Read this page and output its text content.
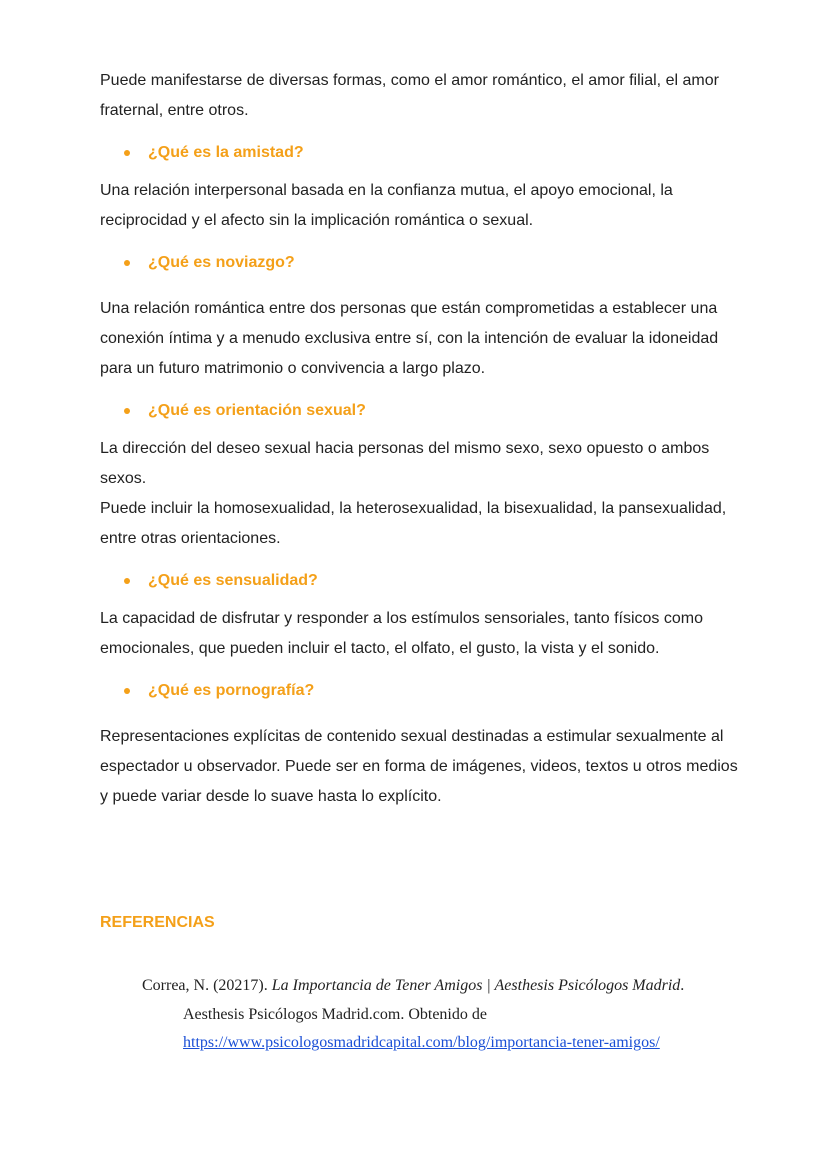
Puede manifestarse de diversas formas, como el amor romántico, el amor filial, el amor fraternal, entre otros.

¿Qué es la amistad?

Una relación interpersonal basada en la confianza mutua, el apoyo emocional, la reciprocidad y el afecto sin la implicación romántica o sexual.

¿Qué es noviazgo?

Una relación romántica entre dos personas que están comprometidas a establecer una conexión íntima y a menudo exclusiva entre sí, con la intención de evaluar la idoneidad para un futuro matrimonio o convivencia a largo plazo.

¿Qué es orientación sexual?

La dirección del deseo sexual hacia personas del mismo sexo, sexo opuesto o ambos sexos.

Puede incluir la homosexualidad, la heterosexualidad, la bisexualidad, la pansexualidad, entre otras orientaciones.

¿Qué es sensualidad?

La capacidad de disfrutar y responder a los estímulos sensoriales, tanto físicos como emocionales, que pueden incluir el tacto, el olfato, el gusto, la vista y el sonido.

¿Qué es pornografía?

Representaciones explícitas de contenido sexual destinadas a estimular sexualmente al espectador u observador. Puede ser en forma de imágenes, videos, textos u otros medios y puede variar desde lo suave hasta lo explícito.

REFERENCIAS
Correa, N. (20217). La Importancia de Tener Amigos | Aesthesis Psicólogos Madrid.
Aesthesis Psicólogos Madrid.com. Obtenido de
https://www.psicologosmadridcapital.com/blog/importancia-tener-amigos/
